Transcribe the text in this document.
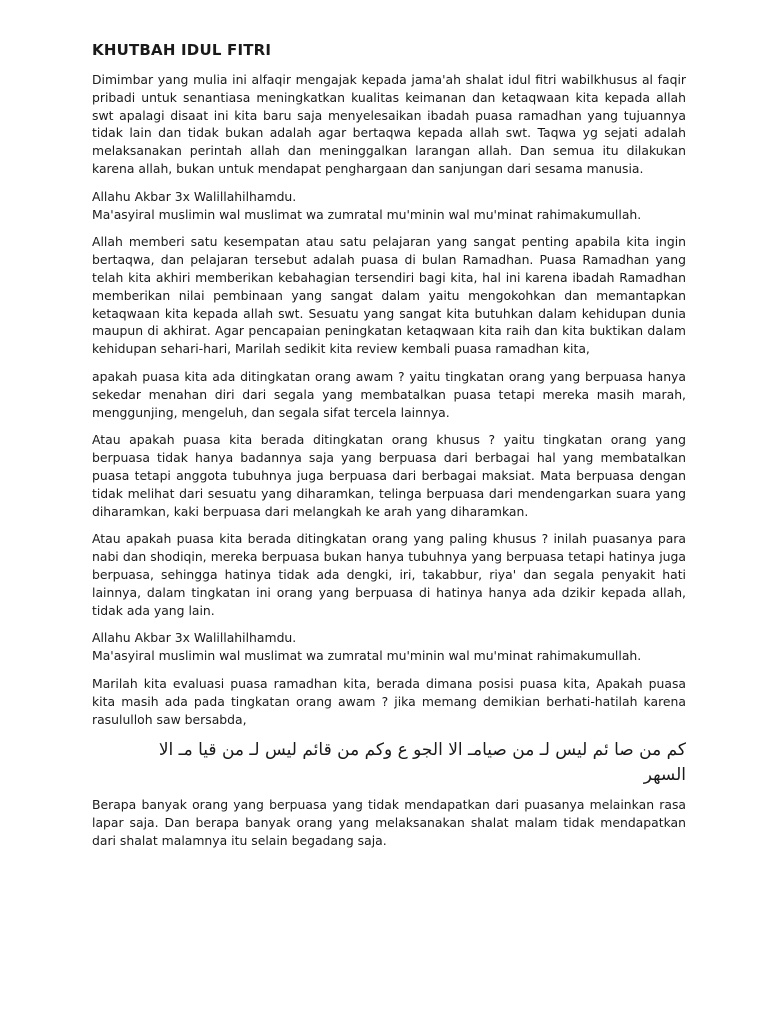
KHUTBAH IDUL FITRI

Dimimbar yang mulia ini alfaqir mengajak kepada jama'ah shalat idul fitri wabilkhusus al faqir pribadi untuk senantiasa meningkatkan kualitas keimanan dan ketaqwaan kita kepada allah swt apalagi disaat ini kita baru saja menyelesaikan ibadah puasa ramadhan yang tujuannya tidak lain dan tidak bukan adalah agar bertaqwa kepada allah swt. Taqwa yg sejati adalah melaksanakan perintah allah dan meninggalkan larangan allah. Dan semua itu dilakukan karena allah, bukan untuk mendapat penghargaan dan sanjungan dari sesama manusia.

Allahu Akbar 3x Walillahilhamdu.
Ma'asyiral muslimin wal muslimat wa zumratal mu'minin wal mu'minat rahimakumullah.

Allah memberi satu kesempatan atau satu pelajaran yang sangat penting apabila kita ingin bertaqwa, dan pelajaran tersebut adalah puasa di bulan Ramadhan. Puasa Ramadhan yang telah kita akhiri memberikan kebahagian tersendiri bagi kita, hal ini karena ibadah Ramadhan memberikan nilai pembinaan yang sangat dalam yaitu mengokohkan dan memantapkan ketaqwaan kita kepada allah swt. Sesuatu yang sangat kita butuhkan dalam kehidupan dunia maupun di akhirat. Agar pencapaian peningkatan ketaqwaan kita raih dan kita buktikan dalam kehidupan sehari-hari, Marilah sedikit kita review kembali puasa ramadhan kita,

apakah puasa kita ada ditingkatan orang awam ? yaitu tingkatan orang yang berpuasa hanya sekedar menahan diri dari segala yang membatalkan puasa tetapi mereka masih marah, menggunjing, mengeluh, dan segala sifat tercela lainnya.

Atau apakah puasa kita berada ditingkatan orang khusus ? yaitu tingkatan orang yang berpuasa tidak hanya badannya saja yang berpuasa dari berbagai hal yang membatalkan puasa tetapi anggota tubuhnya juga berpuasa dari berbagai maksiat. Mata berpuasa dengan tidak melihat dari sesuatu yang diharamkan, telinga berpuasa dari mendengarkan suara yang diharamkan, kaki berpuasa dari melangkah ke arah yang diharamkan.

Atau apakah puasa kita berada ditingkatan orang yang paling khusus ? inilah puasanya para nabi dan shodiqin, mereka berpuasa bukan hanya tubuhnya yang berpuasa tetapi hatinya juga berpuasa, sehingga hatinya tidak ada dengki, iri, takabbur, riya' dan segala penyakit hati lainnya, dalam tingkatan ini orang yang berpuasa di hatinya hanya ada dzikir kepada allah, tidak ada yang lain.

Allahu Akbar 3x Walillahilhamdu.
Ma'asyiral muslimin wal muslimat wa zumratal mu'minin wal mu'minat rahimakumullah.

Marilah kita evaluasi puasa ramadhan kita, berada dimana posisi puasa kita, Apakah puasa kita masih ada pada tingkatan orang awam ? jika memang demikian berhati-hatilah karena rasululloh saw bersabda,

كم من صا ئم ليس لـ من صيامـ الا الجو ع وكم من قائم ليس لـ من قيا مـ الا السهر

Berapa banyak orang yang berpuasa yang tidak mendapatkan dari puasanya melainkan rasa lapar saja. Dan berapa banyak orang yang melaksanakan shalat malam tidak mendapatkan dari shalat malamnya itu selain begadang saja.
